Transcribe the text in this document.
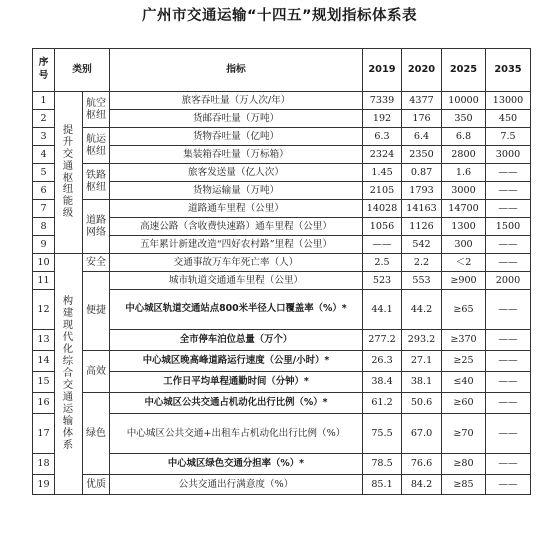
广州市交通运输“十四五”规划指标体系表
序号	类别		指标	2019	2020	2025	2035
1	提升交通枢纽能级	航空枢纽	旅客吞吐量（万人次/年）	7339	4377	10000	13000
2			货邮吞吐量（万吨）	192	176	350	450
3		航运枢纽	货物吞吐量（亿吨）	6.3	6.4	6.8	7.5
4			集装箱吞吐量（万标箱）	2324	2350	2800	3000
5		铁路枢纽	旅客发送量（亿人次）	1.45	0.87	1.6	——
6			货物运输量（万吨）	2105	1793	3000	——
7		道路网络	道路通车里程（公里）	14028	14163	14700	——
8			高速公路（含收费快速路）通车里程（公里）	1056	1126	1300	1500
9			五年累计新建改造“四好农村路”里程（公里）	——	542	300	——
10	构建现代化综合交通运输体系	安全	交通事故万车年死亡率（人）	2.5	2.2	＜2	——
11		便捷	城市轨道交通通车里程（公里）	523	553	≥900	2000
12			中心城区轨道交通站点800米半径人口覆盖率（%）*	44.1	44.2	≥65	——
13			全市停车泊位总量（万个）	277.2	293.2	≥370	——
14		高效	中心城区晚高峰道路运行速度（公里/小时）*	26.3	27.1	≥25	——
15			工作日平均单程通勤时间（分钟）*	38.4	38.1	≤40	——
16		绿色	中心城区公共交通占机动化出行比例（%）*	61.2	50.6	≥60	——
17			中心城区公共交通+出租车占机动化出行比例（%）	75.5	67.0	≥70	——
18			中心城区绿色交通分担率（%）*	78.5	76.6	≥80	——
19		优质	公共交通出行满意度（%）	85.1	84.2	≥85	——
